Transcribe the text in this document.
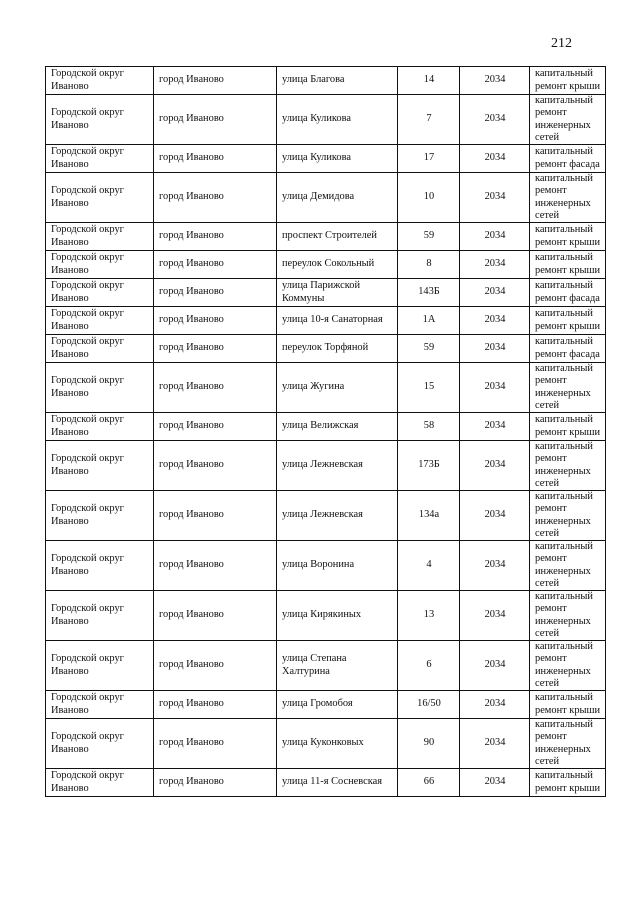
212
Городской округ Иваново	город Иваново	улица Благова	14	2034	капитальный ремонт крыши
Городской округ Иваново	город Иваново	улица Куликова	7	2034	капитальный ремонт инженерных сетей
Городской округ Иваново	город Иваново	улица Куликова	17	2034	капитальный ремонт фасада
Городской округ Иваново	город Иваново	улица Демидова	10	2034	капитальный ремонт инженерных сетей
Городской округ Иваново	город Иваново	проспект Строителей	59	2034	капитальный ремонт крыши
Городской округ Иваново	город Иваново	переулок Сокольный	8	2034	капитальный ремонт крыши
Городской округ Иваново	город Иваново	улица Парижской Коммуны	143Б	2034	капитальный ремонт фасада
Городской округ Иваново	город Иваново	улица 10-я Санаторная	1А	2034	капитальный ремонт крыши
Городской округ Иваново	город Иваново	переулок Торфяной	59	2034	капитальный ремонт фасада
Городской округ Иваново	город Иваново	улица Жугина	15	2034	капитальный ремонт инженерных сетей
Городской округ Иваново	город Иваново	улица Велижская	58	2034	капитальный ремонт крыши
Городской округ Иваново	город Иваново	улица Лежневская	173Б	2034	капитальный ремонт инженерных сетей
Городской округ Иваново	город Иваново	улица Лежневская	134а	2034	капитальный ремонт инженерных сетей
Городской округ Иваново	город Иваново	улица Воронина	4	2034	капитальный ремонт инженерных сетей
Городской округ Иваново	город Иваново	улица Кирякиных	13	2034	капитальный ремонт инженерных сетей
Городской округ Иваново	город Иваново	улица Степана Халтурина	6	2034	капитальный ремонт инженерных сетей
Городской округ Иваново	город Иваново	улица Громобоя	16/50	2034	капитальный ремонт крыши
Городской округ Иваново	город Иваново	улица Куконковых	90	2034	капитальный ремонт инженерных сетей
Городской округ Иваново	город Иваново	улица 11-я Сосневская	66	2034	капитальный ремонт крыши
